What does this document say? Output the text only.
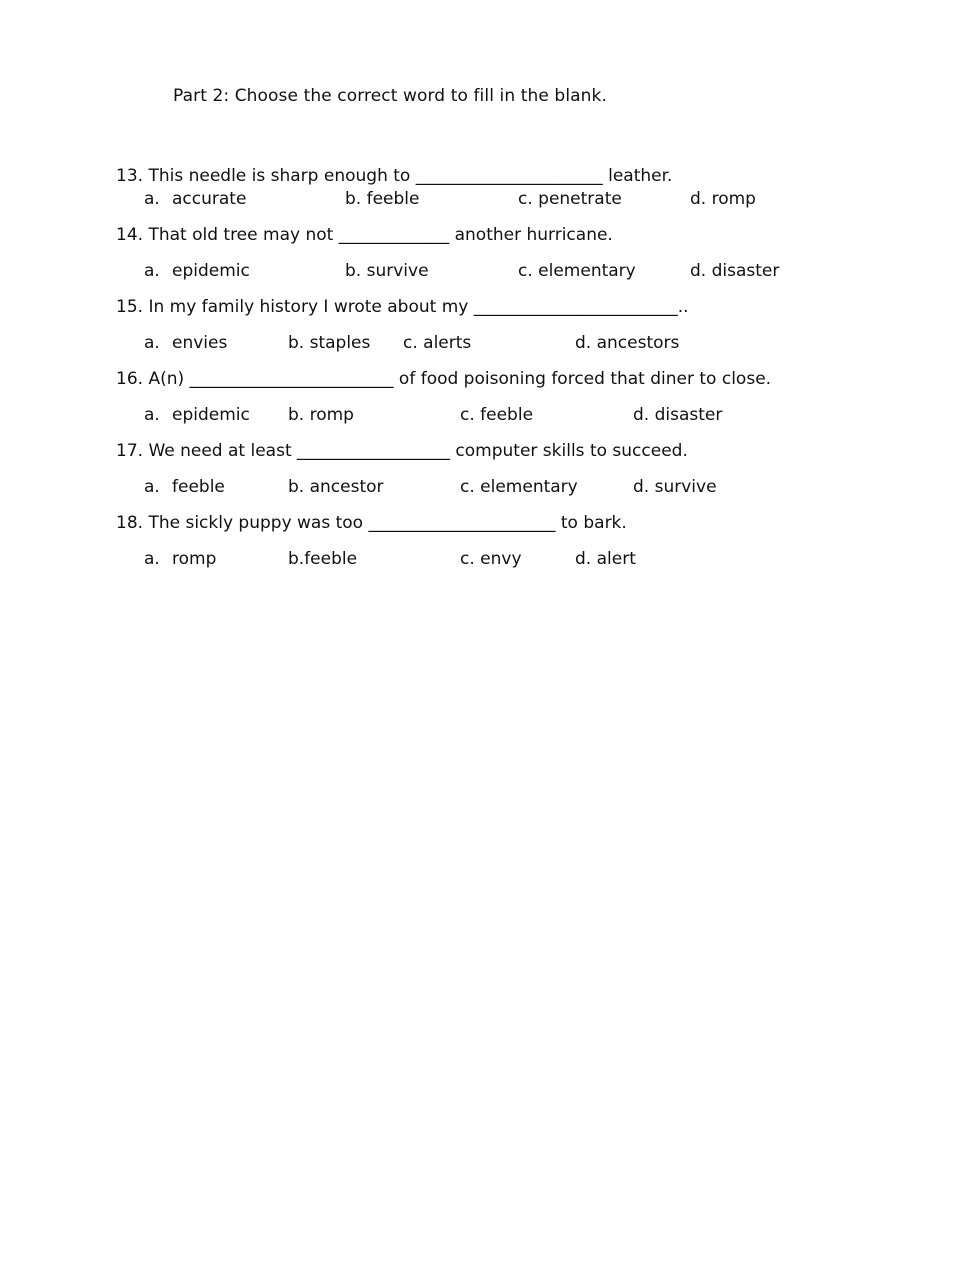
Part 2: Choose the correct word to fill in the blank.
13. This needle is sharp enough to ______________________ leather.
a. accurate	b. feeble	c. penetrate	d. romp
14. That old tree may not _____________ another hurricane.
a. epidemic	b. survive	c. elementary	d. disaster
15. In my family history I wrote about my ________________________..
a. envies	b. staples c. alerts	d. ancestors
16. A(n) ________________________ of food poisoning forced that diner to close.
a. epidemic b. romp	c. feeble	d. disaster
17. We need at least __________________ computer skills to succeed.
a. feeble	b. ancestor	c. elementary	d. survive
18. The sickly puppy was too ______________________ to bark.
a. romp	b.feeble	c. envy	d. alert
